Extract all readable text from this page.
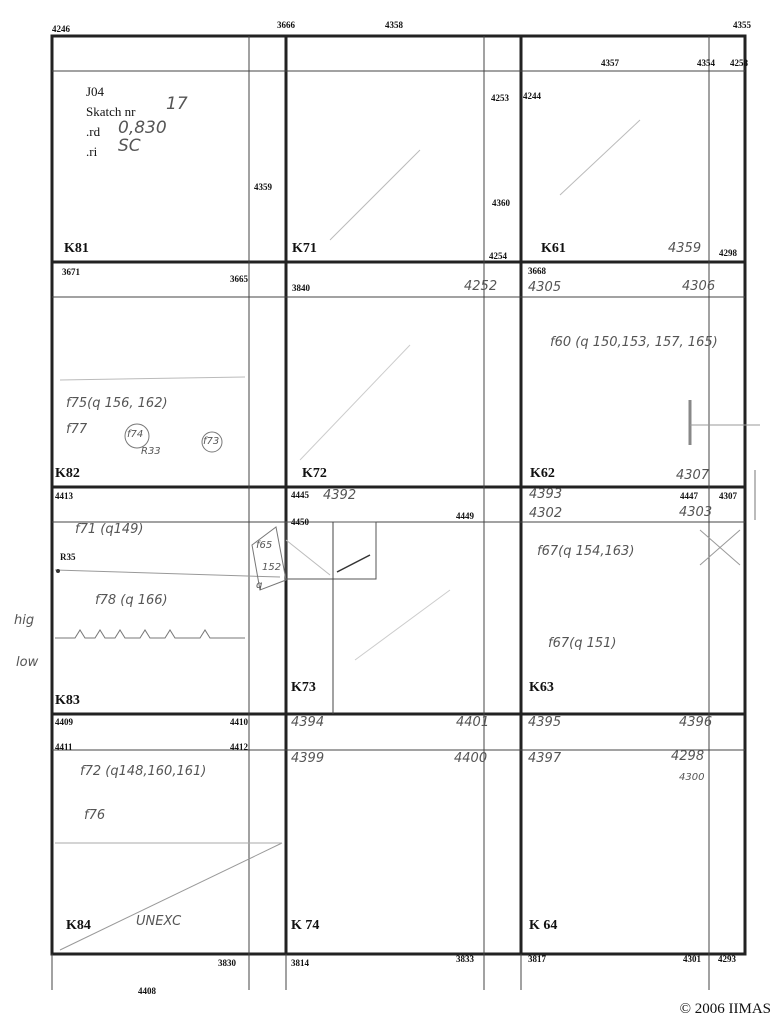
J04
Skatch nr 17
.rd 0,830
.ri SC
4246	3666	4358	4355
4357	4354 4258
K81
4359
K71
4253
4360
4254 K61
4244
4298
4359
K82
3671
3665
f75(q 156, 162)
f77	f74
R33
f73
K72
3840	4252
K62
3668
4305	4306
f60 (q 150,153, 157, 165)
4307
K83
4413
R35
f71 (q149)
f78 (q 166)
f65
152
q
K73
4445
4450
4449
4392
K63
4447 4307
4393
4302	4303
f67(q 154,163)
f67(q 151)
K84
4409	4410
4411	4412
3830
4408
f72 (q148,160,161)
f76
UNEXC	K 74
3814	3833
4394	4401
4399	4400
K 64
3817	4301 4293
4395	4396
4397	4298
4300
hig
low
© 2006 IIMAS
